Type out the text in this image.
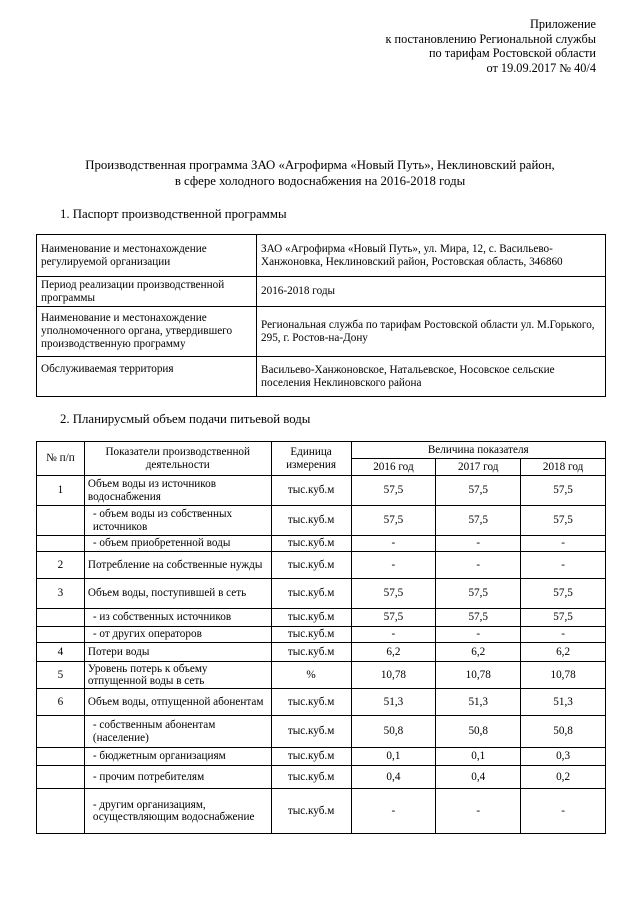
Приложение
к постановлению Региональной службы
по тарифам Ростовской области
от 19.09.2017 № 40/4
Производственная программа ЗАО «Агрофирма «Новый Путь», Неклиновский район,
в сфере холодного водоснабжения на 2016-2018 годы
1. Паспорт производственной программы
Наименование и местонахождение регулируемой организации	ЗАО «Агрофирма «Новый Путь», ул. Мира, 12, с. Васильево-Ханжоновка, Неклиновский район, Ростовская область, 346860
Период реализации производственной программы	2016-2018 годы
Наименование и местонахождение уполномоченного органа, утвердившего производственную программу	Региональная служба по тарифам Ростовской области ул. М.Горького, 295, г. Ростов-на-Дону
Обслуживаемая территория	Васильево-Ханжоновское, Натальевское, Носовское сельские поселения Неклиновского района
2. Планирусмый объем подачи питьевой воды
№ п/п	Показатели производственной деятельности	Единица измерения	Величина показателя		
			2016 год	2017 год	2018 год
1	Объем воды из источников водоснабжения	тыс.куб.м	57,5	57,5	57,5
	- объем воды из собственных источников	тыс.куб.м	57,5	57,5	57,5
	- объем приобретенной воды	тыс.куб.м	-	-	-
2	Потребление на собственные нужды	тыс.куб.м	-	-	-
3	Объем воды, поступившей в сеть	тыс.куб.м	57,5	57,5	57,5
	- из собственных источников	тыс.куб.м	57,5	57,5	57,5
	- от других операторов	тыс.куб.м	-	-	-
4	Потери воды	тыс.куб.м	6,2	6,2	6,2
5	Уровень потерь к объему отпущенной воды в сеть	%	10,78	10,78	10,78
6	Объем воды, отпущенной абонентам	тыс.куб.м	51,3	51,3	51,3
	- собственным абонентам (население)	тыс.куб.м	50,8	50,8	50,8
	- бюджетным организациям	тыс.куб.м	0,1	0,1	0,3
	- прочим потребителям	тыс.куб.м	0,4	0,4	0,2
	- другим организациям, осуществляющим водоснабжение	тыс.куб.м	-	-	-
